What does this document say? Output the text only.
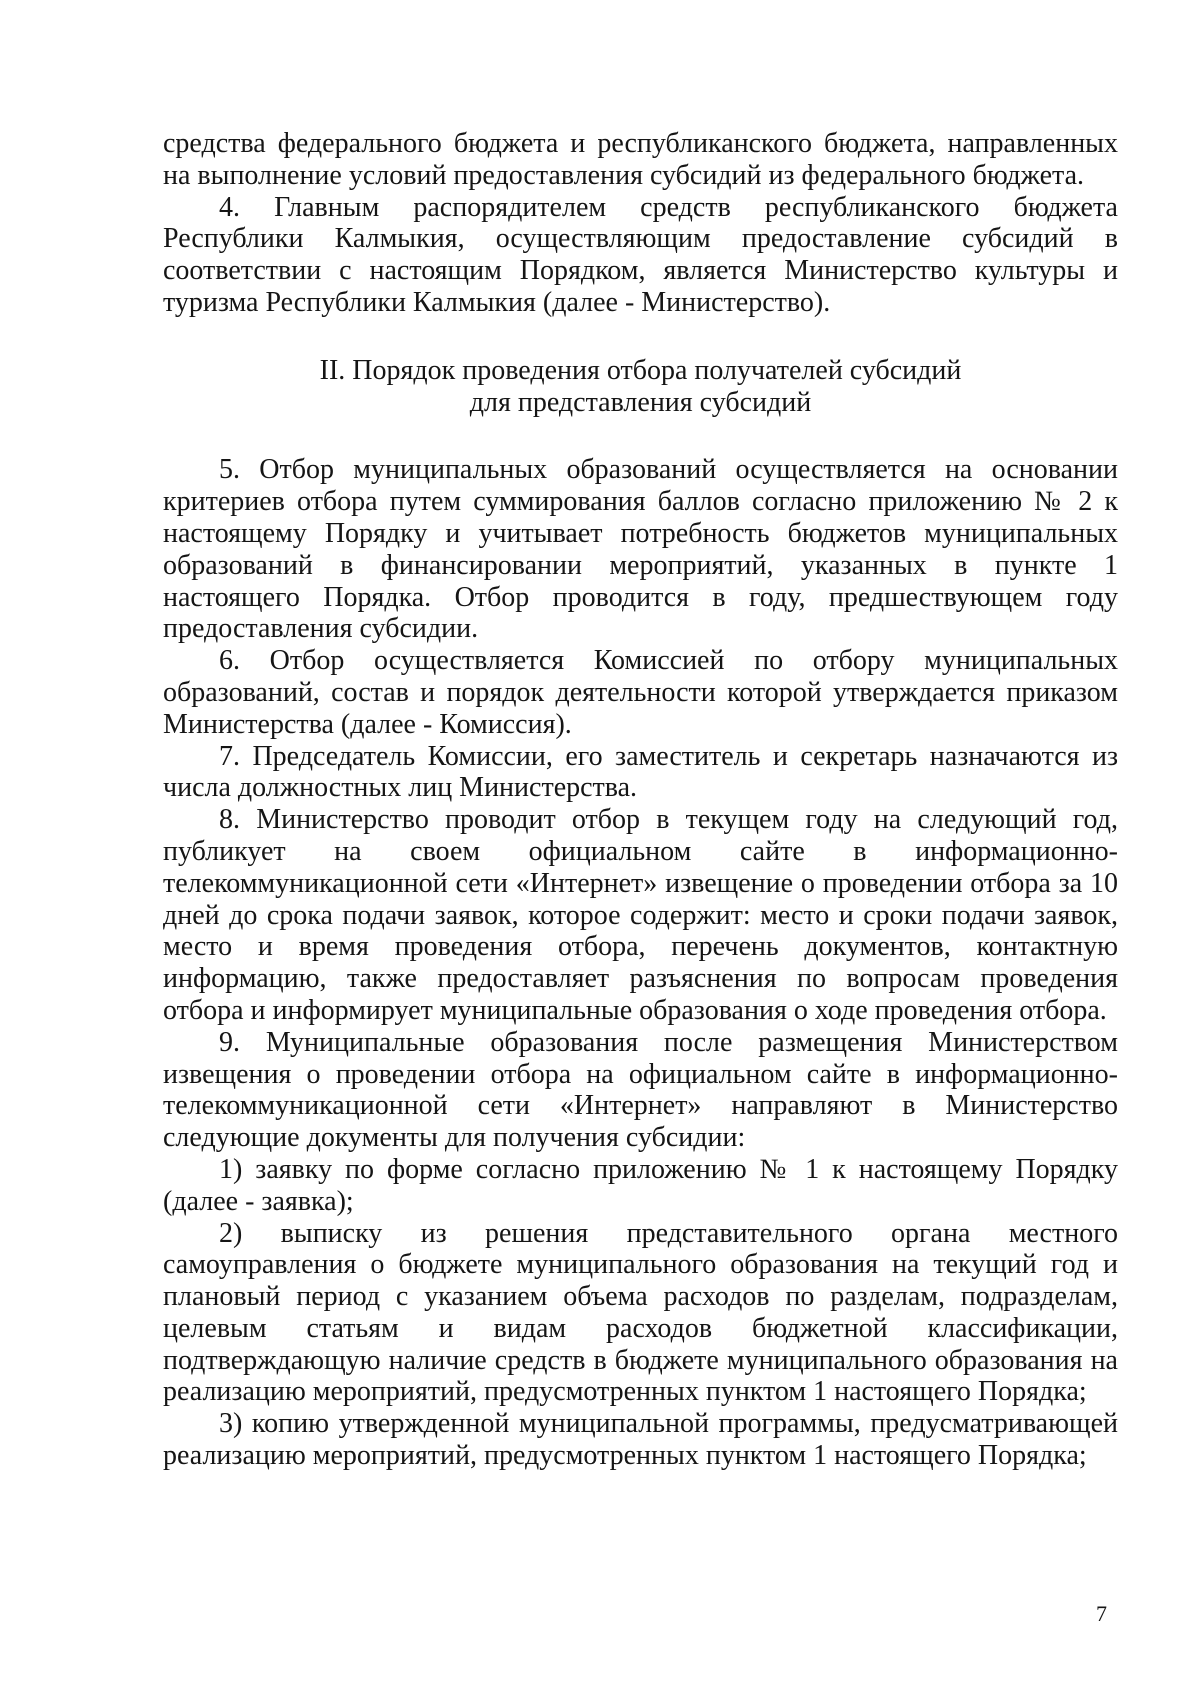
средства федерального бюджета и республиканского бюджета, направленных на выполнение условий предоставления субсидий из федерального бюджета.

4. Главным распорядителем средств республиканского бюджета Республики Калмыкия, осуществляющим предоставление субсидий в соответствии с настоящим Порядком, является Министерство культуры и туризма Республики Калмыкия (далее - Министерство).

II. Порядок проведения отбора получателей субсидий

для представления субсидий

5. Отбор муниципальных образований осуществляется на основании критериев отбора путем суммирования баллов согласно приложению № 2 к настоящему Порядку и учитывает потребность бюджетов муниципальных образований в финансировании мероприятий, указанных в пункте 1 настоящего Порядка. Отбор проводится в году, предшествующем году предоставления субсидии.

6. Отбор осуществляется Комиссией по отбору муниципальных образований, состав и порядок деятельности которой утверждается приказом Министерства (далее - Комиссия).

7. Председатель Комиссии, его заместитель и секретарь назначаются из числа должностных лиц Министерства.

8. Министерство проводит отбор в текущем году на следующий год, публикует на своем официальном сайте в информационно-телекоммуникационной сети «Интернет» извещение о проведении отбора за 10 дней до срока подачи заявок, которое содержит: место и сроки подачи заявок, место и время проведения отбора, перечень документов, контактную информацию, также предоставляет разъяснения по вопросам проведения отбора и информирует муниципальные образования о ходе проведения отбора.

9. Муниципальные образования после размещения Министерством извещения о проведении отбора на официальном сайте в информационно-телекоммуникационной сети «Интернет» направляют в Министерство следующие документы для получения субсидии:

1) заявку по форме согласно приложению № 1 к настоящему Порядку (далее - заявка);

2) выписку из решения представительного органа местного самоуправления о бюджете муниципального образования на текущий год и плановый период с указанием объема расходов по разделам, подразделам, целевым статьям и видам расходов бюджетной классификации, подтверждающую наличие средств в бюджете муниципального образования на реализацию мероприятий, предусмотренных пунктом 1 настоящего Порядка;

3) копию утвержденной муниципальной программы, предусматривающей реализацию мероприятий, предусмотренных пунктом 1 настоящего Порядка;

7
